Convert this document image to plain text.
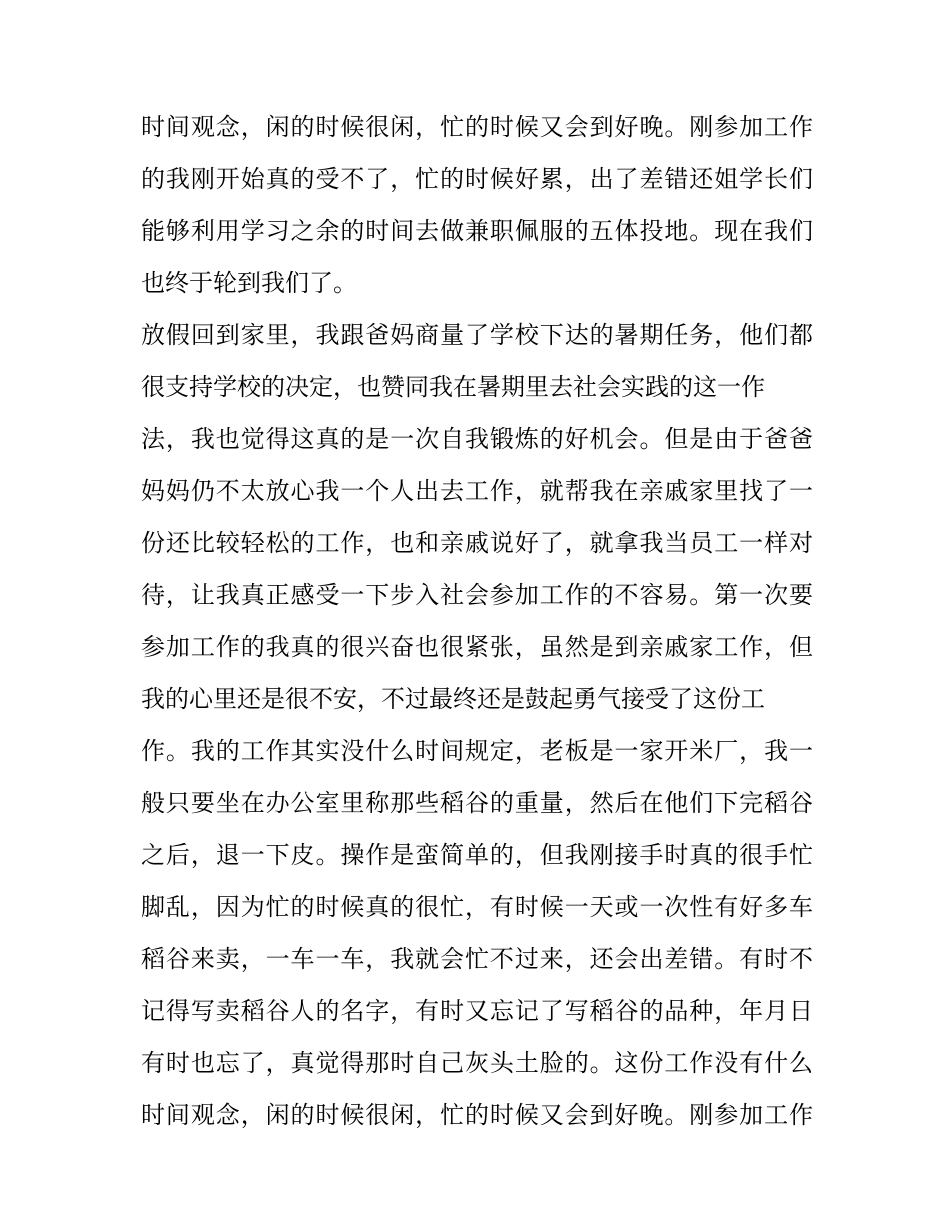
时间观念，闲的时候很闲，忙的时候又会到好晚。刚参加工作
的我刚开始真的受不了，忙的时候好累，出了差错还姐学长们
能够利用学习之余的时间去做兼职佩服的五体投地。现在我们
也终于轮到我们了。
放假回到家里，我跟爸妈商量了学校下达的暑期任务，他们都
很支持学校的决定，也赞同我在暑期里去社会实践的这一作
法，我也觉得这真的是一次自我锻炼的好机会。但是由于爸爸
妈妈仍不太放心我一个人出去工作，就帮我在亲戚家里找了一
份还比较轻松的工作，也和亲戚说好了，就拿我当员工一样对
待，让我真正感受一下步入社会参加工作的不容易。第一次要
参加工作的我真的很兴奋也很紧张，虽然是到亲戚家工作，但
我的心里还是很不安，不过最终还是鼓起勇气接受了这份工
作。我的工作其实没什么时间规定，老板是一家开米厂，我一
般只要坐在办公室里称那些稻谷的重量，然后在他们下完稻谷
之后，退一下皮。操作是蛮简单的，但我刚接手时真的很手忙
脚乱，因为忙的时候真的很忙，有时候一天或一次性有好多车
稻谷来卖，一车一车，我就会忙不过来，还会出差错。有时不
记得写卖稻谷人的名字，有时又忘记了写稻谷的品种，年月日
有时也忘了，真觉得那时自己灰头土脸的。这份工作没有什么
时间观念，闲的时候很闲，忙的时候又会到好晚。刚参加工作
